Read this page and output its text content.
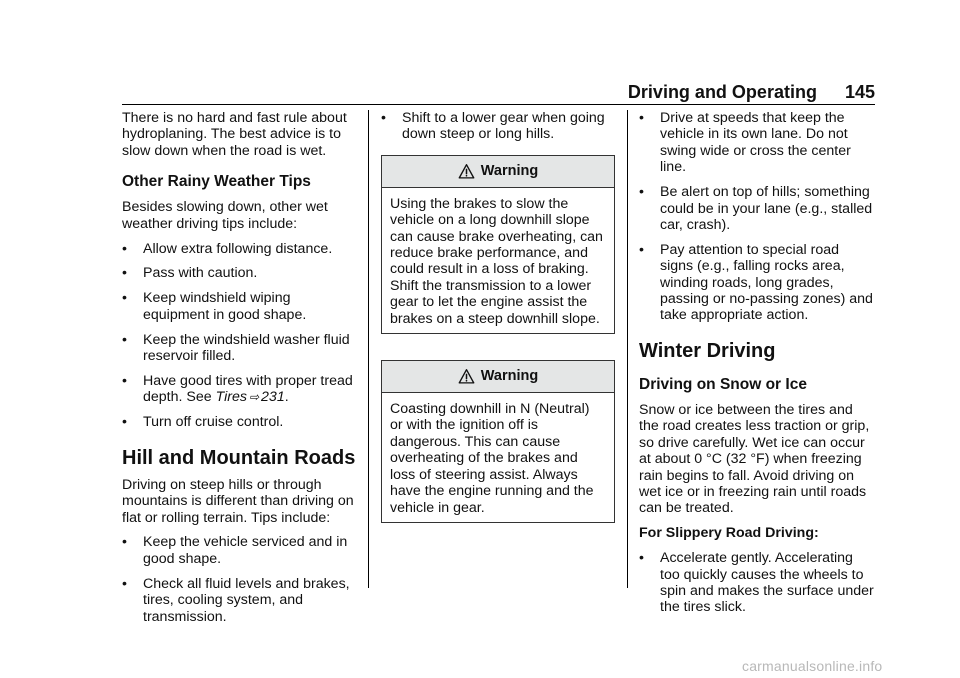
Driving and Operating 145

There is no hard and fast rule about hydroplaning. The best advice is to slow down when the road is wet.

Other Rainy Weather Tips

Besides slowing down, other wet weather driving tips include:

•	Allow extra following distance.
•	Pass with caution.
•	Keep windshield wiping equipment in good shape.
•	Keep the windshield washer fluid reservoir filled.
•	Have good tires with proper tread depth. See Tires ⇨ 231.
•	Turn off cruise control.
Hill and Mountain Roads

Driving on steep hills or through mountains is different than driving on flat or rolling terrain. Tips include:

•	Keep the vehicle serviced and in good shape.
•	Check all fluid levels and brakes, tires, cooling system, and transmission.
•	Shift to a lower gear when going down steep or long hills.
Warning
Using the brakes to slow the vehicle on a long downhill slope can cause brake overheating, can reduce brake performance, and could result in a loss of braking. Shift the transmission to a lower gear to let the engine assist the brakes on a steep downhill slope.
Warning
Coasting downhill in N (Neutral) or with the ignition off is dangerous. This can cause overheating of the brakes and loss of steering assist. Always have the engine running and the vehicle in gear.
•	Drive at speeds that keep the vehicle in its own lane. Do not swing wide or cross the center line.
•	Be alert on top of hills; something could be in your lane (e.g., stalled car, crash).
•	Pay attention to special road signs (e.g., falling rocks area, winding roads, long grades, passing or no-passing zones) and take appropriate action.
Winter Driving
Driving on Snow or Ice

Snow or ice between the tires and the road creates less traction or grip, so drive carefully. Wet ice can occur at about 0 °C (32 °F) when freezing rain begins to fall. Avoid driving on wet ice or in freezing rain until roads can be treated.

For Slippery Road Driving:

•	Accelerate gently. Accelerating too quickly causes the wheels to spin and makes the surface under the tires slick.
carmanualsonline.info
